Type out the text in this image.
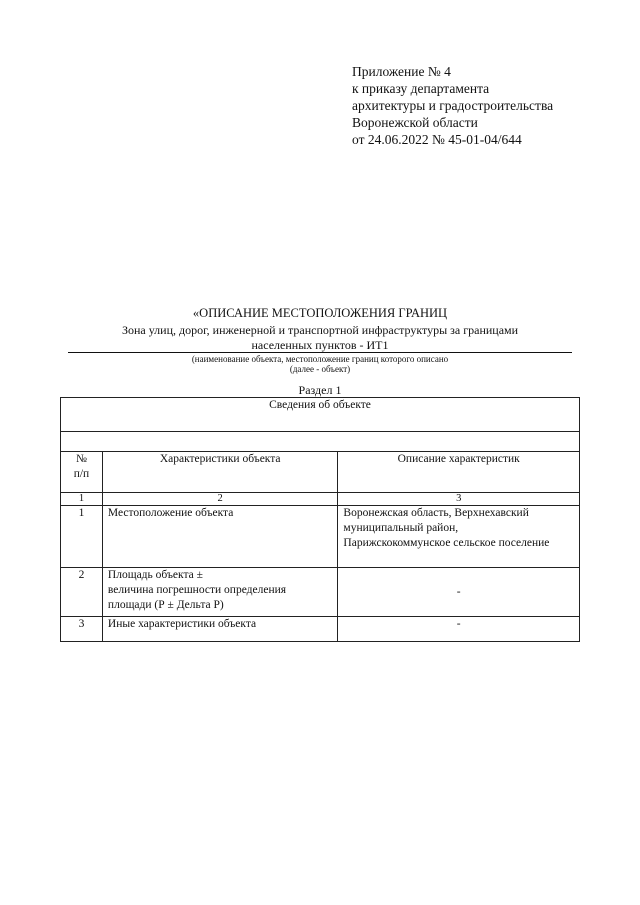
Приложение № 4
к приказу департамента
архитектуры и градостроительства
Воронежской области
от 24.06.2022 № 45-01-04/644
«ОПИСАНИЕ МЕСТОПОЛОЖЕНИЯ ГРАНИЦ
Зона улиц, дорог, инженерной и транспортной инфраструктуры за границами
населенных пунктов - ИТ1
(наименование объекта, местоположение границ которого описано
(далее - объект)
Раздел 1
Сведения об объекте		

№
п/п	Характеристики объекта	Описание характеристик
1	2	3
1	Местоположение объекта	Воронежская область, Верхнехавский
муниципальный район,
Парижскокоммунское сельское поселение

2	Площадь объекта ±
величина погрешности определения
площади (Р ± Дельта Р)	-
3	Иные характеристики объекта	-
